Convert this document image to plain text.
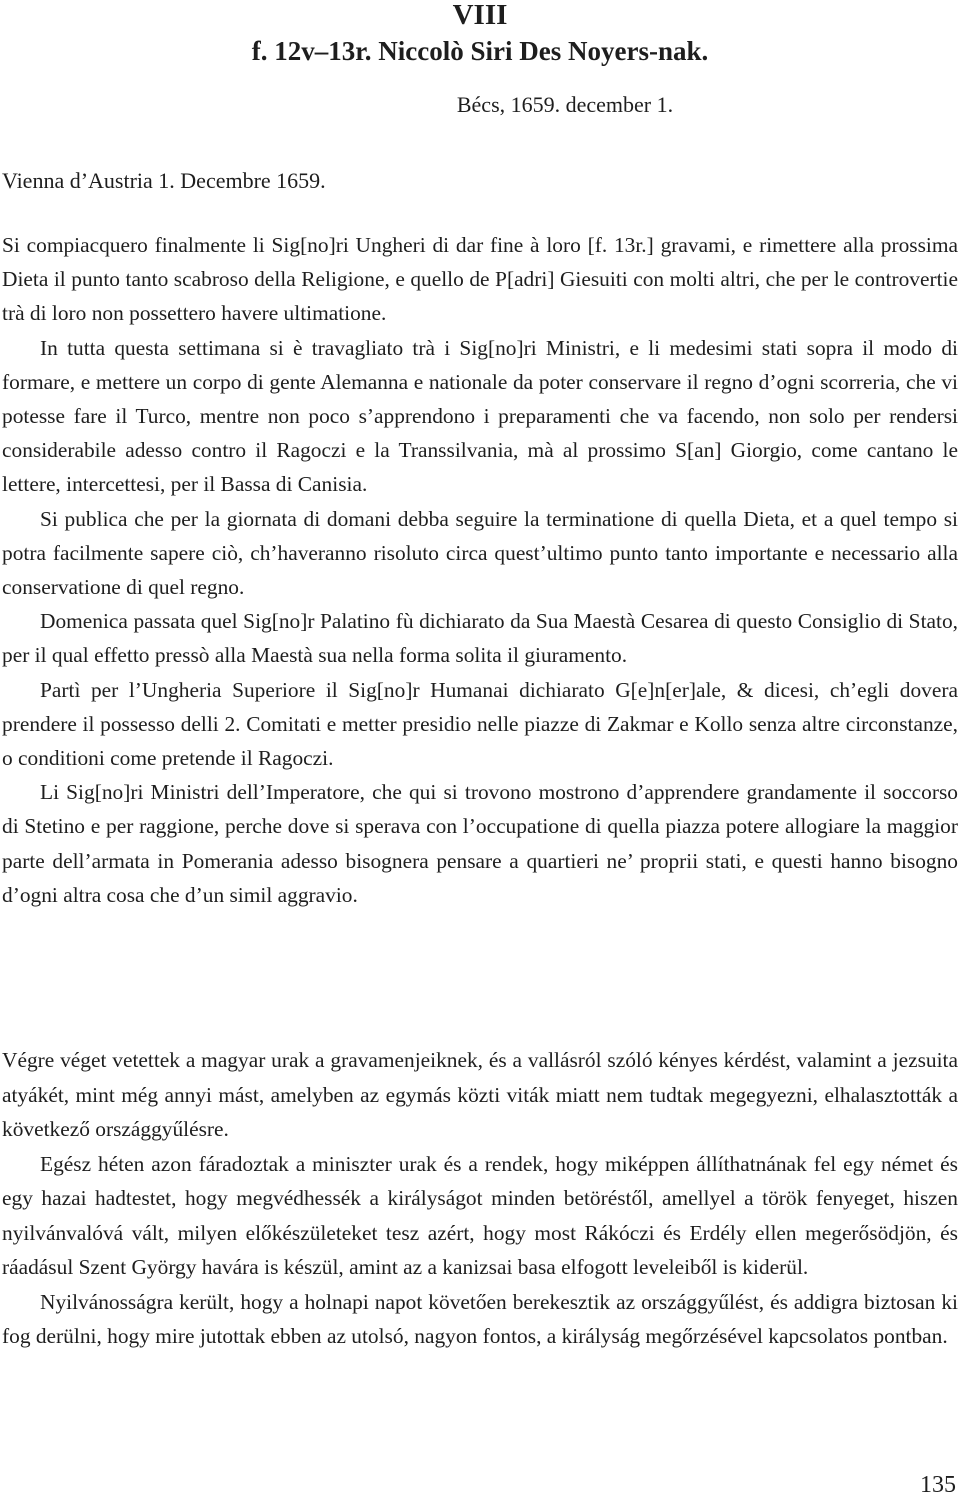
VIII
f. 12v–13r. Niccolò Siri Des Noyers-nak.

Bécs, 1659. december 1.

Vienna d’Austria 1. Decembre 1659.

Si compiacquero finalmente li Sig[no]ri Ungheri di dar fine à loro [f. 13r.] gravami, e rimettere alla prossima Dieta il punto tanto scabroso della Religione, e quello de P[adri] Giesuiti con molti altri, che per le controvertie trà di loro non possettero havere ultimatione.

In tutta questa settimana si è travagliato trà i Sig[no]ri Ministri, e li medesimi stati sopra il modo di formare, e mettere un corpo di gente Alemanna e nationale da poter conservare il regno d’ogni scorreria, che vi potesse fare il Turco, mentre non poco s’apprendono i preparamenti che va facendo, non solo per rendersi considerabile adesso contro il Ragoczi e la Transsilvania, mà al prossimo S[an] Giorgio, come cantano le lettere, intercettesi, per il Bassa di Canisia.

Si publica che per la giornata di domani debba seguire la terminatione di quella Dieta, et a quel tempo si potra facilmente sapere ciò, ch’haveranno risoluto circa quest’ultimo punto tanto importante e necessario alla conservatione di quel regno.

Domenica passata quel Sig[no]r Palatino fù dichiarato da Sua Maestà Cesarea di questo Consiglio di Stato, per il qual effetto pressò alla Maestà sua nella forma solita il giuramento.

Partì per l’Ungheria Superiore il Sig[no]r Humanai dichiarato G[e]n[er]ale, & dicesi, ch’egli dovera prendere il possesso delli 2. Comitati e metter presidio nelle piazze di Zakmar e Kollo senza altre circonstanze, o conditioni come pretende il Ragoczi.

Li Sig[no]ri Ministri dell’Imperatore, che qui si trovono mostrono d’apprendere grandamente il soccorso di Stetino e per raggione, perche dove si sperava con l’occupatione di quella piazza potere allogiare la maggior parte dell’armata in Pomerania adesso bisognera pensare a quartieri ne’ proprii stati, e questi hanno bisogno d’ogni altra cosa che d’un simil aggravio.

Végre véget vetettek a magyar urak a gravamenjeiknek, és a vallásról szóló kényes kérdést, valamint a jezsuita atyákét, mint még annyi mást, amelyben az egymás közti viták miatt nem tudtak megegyezni, elhalasztották a következő országgyűlésre.

Egész héten azon fáradoztak a miniszter urak és a rendek, hogy miképpen állíthatnának fel egy német és egy hazai hadtestet, hogy megvédhessék a királyságot minden betöréstől, amellyel a török fenyeget, hiszen nyilvánvalóvá vált, milyen előkészületeket tesz azért, hogy most Rákóczi és Erdély ellen megerősödjön, és ráadásul Szent György havára is készül, amint az a kanizsai basa elfogott leveleiből is kiderül.

Nyilvánosságra került, hogy a holnapi napot követően berekesztik az országgyűlést, és addigra biztosan ki fog derülni, hogy mire jutottak ebben az utolsó, nagyon fontos, a királyság megőrzésével kapcsolatos pontban.

135
